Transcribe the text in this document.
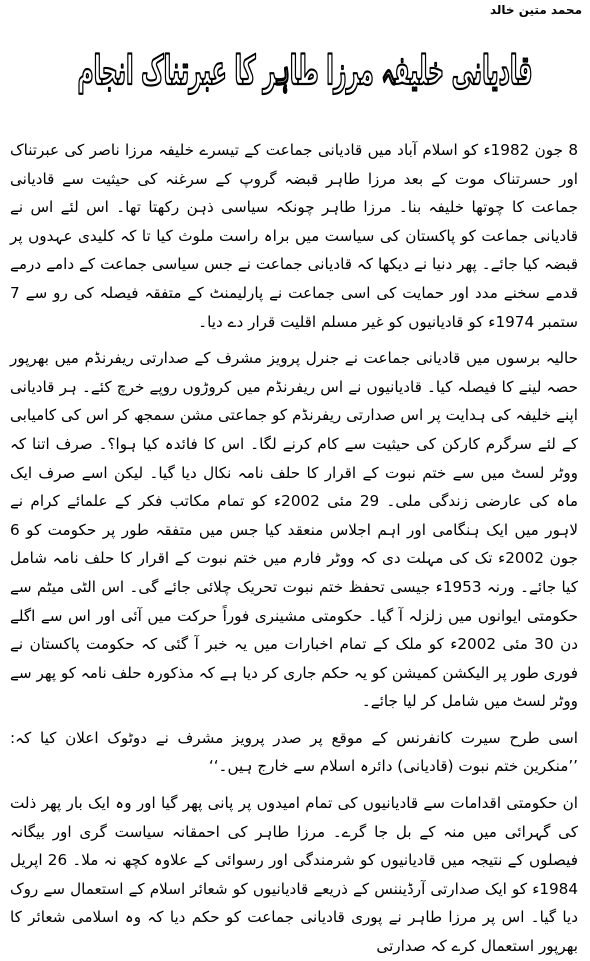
محمد متین خالد
قادیانی خلیفہ مرزا طاہر کا عبرتناک انجام

8 جون 1982ء کو اسلام آباد میں قادیانی جماعت کے تیسرے خلیفہ مرزا ناصر کی عبرتناک اور حسرتناک موت کے بعد مرزا طاہر قبضہ گروپ کے سرغنہ کی حیثیت سے قادیانی جماعت کا چوتھا خلیفہ بنا۔ مرزا طاہر چونکہ سیاسی ذہن رکھتا تھا۔ اس لئے اس نے قادیانی جماعت کو پاکستان کی سیاست میں براہ راست ملوث کیا تا کہ کلیدی عہدوں پر قبضہ کیا جائے۔ پھر دنیا نے دیکھا کہ قادیانی جماعت نے جس سیاسی جماعت کے دامے درمے قدمے سخنے مدد اور حمایت کی اسی جماعت نے پارلیمنٹ کے متفقہ فیصلہ کی رو سے 7 ستمبر 1974ء کو قادیانیوں کو غیر مسلم اقلیت قرار دے دیا۔

حالیہ برسوں میں قادیانی جماعت نے جنرل پرویز مشرف کے صدارتی ریفرنڈم میں بھرپور حصہ لینے کا فیصلہ کیا۔ قادیانیوں نے اس ریفرنڈم میں کروڑوں روپے خرچ کئے۔ ہر قادیانی اپنے خلیفہ کی ہدایت پر اس صدارتی ریفرنڈم کو جماعتی مشن سمجھ کر اس کی کامیابی کے لئے سرگرم کارکن کی حیثیت سے کام کرنے لگا۔ اس کا فائدہ کیا ہوا؟۔ صرف اتنا کہ ووٹر لسٹ میں سے ختم نبوت کے اقرار کا حلف نامہ نکال دیا گیا۔ لیکن اسے صرف ایک ماہ کی عارضی زندگی ملی۔ 29 مئی 2002ء کو تمام مکاتب فکر کے علمائے کرام نے لاہور میں ایک ہنگامی اور اہم اجلاس منعقد کیا جس میں متفقہ طور پر حکومت کو 6 جون 2002ء تک کی مہلت دی کہ ووٹر فارم میں ختم نبوت کے اقرار کا حلف نامہ شامل کیا جائے۔ ورنہ 1953ء جیسی تحفظ ختم نبوت تحریک چلائی جائے گی۔ اس الٹی میٹم سے حکومتی ایوانوں میں زلزلہ آ گیا۔ حکومتی مشینری فوراً حرکت میں آئی اور اس سے اگلے دن 30 مئی 2002ء کو ملک کے تمام اخبارات میں یہ خبر آ گئی کہ حکومت پاکستان نے فوری طور پر الیکشن کمیشن کو یہ حکم جاری کر دیا ہے کہ مذکورہ حلف نامہ کو پھر سے ووٹر لسٹ میں شامل کر لیا جائے۔

اسی طرح سیرت کانفرنس کے موقع پر صدر پرویز مشرف نے دوٹوک اعلان کیا کہ: ’’منکرین ختم نبوت (قادیانی) دائرہ اسلام سے خارج ہیں۔‘‘

ان حکومتی اقدامات سے قادیانیوں کی تمام امیدوں پر پانی پھر گیا اور وہ ایک بار پھر ذلت کی گہرائی میں منہ کے بل جا گرے۔ مرزا طاہر کی احمقانہ سیاست گری اور بیگانہ فیصلوں کے نتیجہ میں قادیانیوں کو شرمندگی اور رسوائی کے علاوہ کچھ نہ ملا۔ 26 اپریل 1984ء کو ایک صدارتی آرڈیننس کے ذریعے قادیانیوں کو شعائر اسلام کے استعمال سے روک دیا گیا۔ اس پر مرزا طاہر نے پوری قادیانی جماعت کو حکم دیا کہ وہ اسلامی شعائر کا بھرپور استعمال کرے کہ صدارتی
